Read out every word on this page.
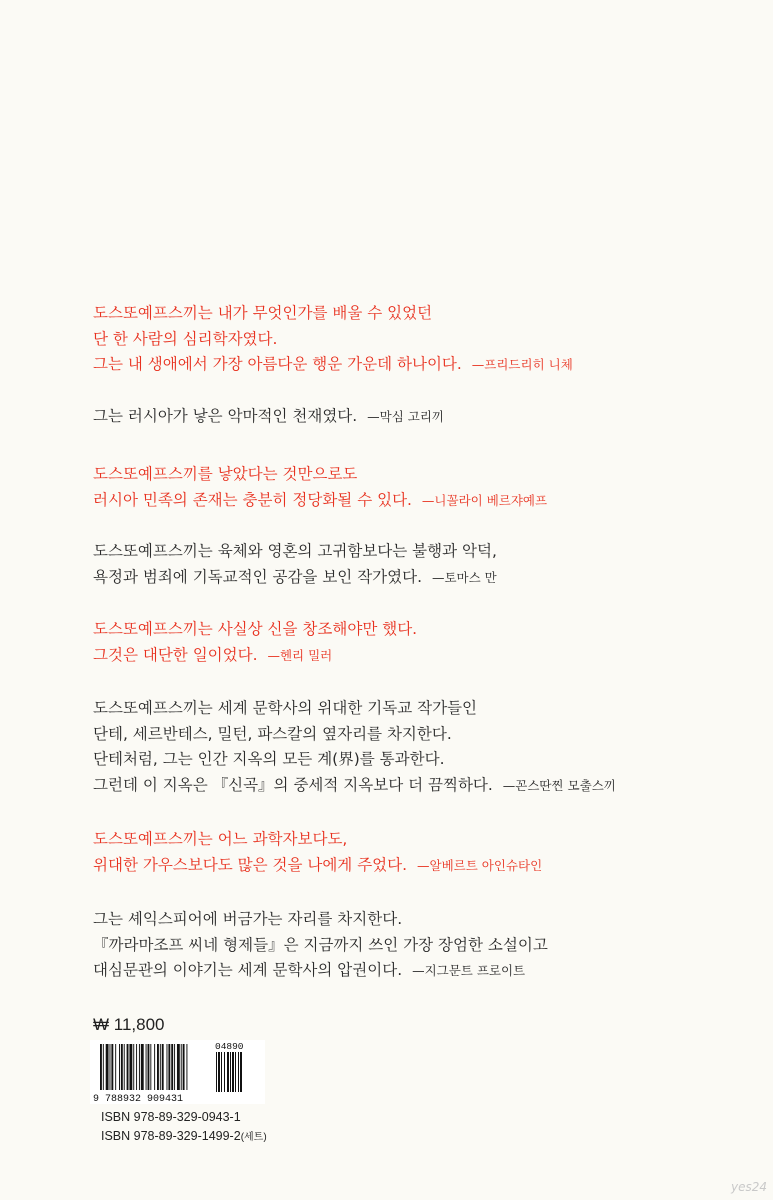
도스또예프스끼는 내가 무엇인가를 배울 수 있었던
단 한 사람의 심리학자였다.
그는 내 생애에서 가장 아름다운 행운 가운데 하나이다. —프리드리히 니체
그는 러시아가 낳은 악마적인 천재였다. —막심 고리끼
도스또예프스끼를 낳았다는 것만으로도
러시아 민족의 존재는 충분히 정당화될 수 있다. —니꼴라이 베르쟈예프
도스또예프스끼는 육체와 영혼의 고귀함보다는 불행과 악덕,
욕정과 범죄에 기독교적인 공감을 보인 작가였다. —토마스 만
도스또예프스끼는 사실상 신을 창조해야만 했다.
그것은 대단한 일이었다. —헨리 밀러
도스또예프스끼는 세계 문학사의 위대한 기독교 작가들인
단테, 세르반테스, 밀턴, 파스칼의 옆자리를 차지한다.
단테처럼, 그는 인간 지옥의 모든 계(界)를 통과한다.
그런데 이 지옥은 『신곡』의 중세적 지옥보다 더 끔찍하다. —꼰스딴찐 모출스끼
도스또예프스끼는 어느 과학자보다도,
위대한 가우스보다도 많은 것을 나에게 주었다. —알베르트 아인슈타인
그는 셰익스피어에 버금가는 자리를 차지한다.
『까라마조프 씨네 형제들』은 지금까지 쓰인 가장 장엄한 소설이고
대심문관의 이야기는 세계 문학사의 압권이다. —지그문트 프로이트
₩ 11,800
9 788932 909431
04890
ISBN 978-89-329-0943-1
ISBN 978-89-329-1499-2(세트)
yes24
